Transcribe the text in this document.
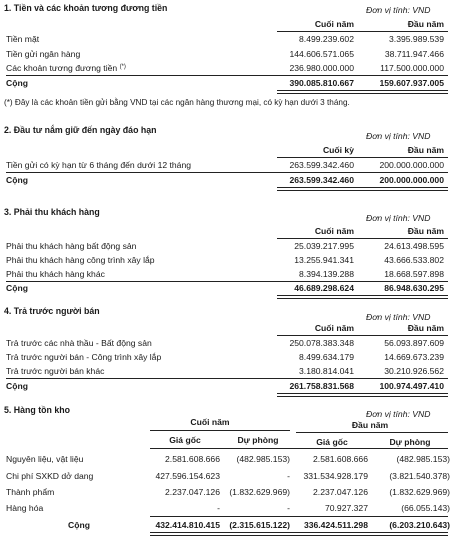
1. Tiền và các khoản tương đương tiền	Đơn vị tính: VND
Cuối năm	Đầu năm
Tiền mặt	8.499.239.602	3.395.989.539
Tiền gửi ngân hàng	144.606.571.065	38.711.947.466
Các khoản tương đương tiền (*)	236.980.000.000	117.500.000.000
Cộng	390.085.810.667	159.607.937.005
(*) Đây là các khoản tiền gửi bằng VND tại các ngân hàng thương mại, có kỳ hạn dưới 3 tháng.
2. Đầu tư nắm giữ đến ngày đáo hạn
Đơn vị tính: VND
Cuối kỳ	Đầu năm
Tiền gửi có kỳ hạn từ 6 tháng đến dưới 12 tháng	263.599.342.460	200.000.000.000
Cộng	263.599.342.460	200.000.000.000
3. Phải thu khách hàng
Đơn vị tính: VND
Cuối năm	Đầu năm
Phải thu khách hàng bất động sản	25.039.217.995	24.613.498.595
Phải thu khách hàng công trình xây lắp	13.255.941.341	43.666.533.802
Phải thu khách hàng khác	8.394.139.288	18.668.597.898
Cộng	46.689.298.624	86.948.630.295
4. Trả trước người bán
Đơn vị tính: VND
Cuối năm	Đầu năm
Trả trước các nhà thầu - Bất động sản	250.078.383.348	56.093.897.609
Trả trước người bán - Công trình xây lắp	8.499.634.179	14.669.673.239
Trả trước người bán khác	3.180.814.041	30.210.926.562
Cộng	261.758.831.568	100.974.497.410
5. Hàng tồn kho	Đơn vị tính: VND
Cuối năm	Đầu năm
Giá gốc	Dự phòng	Giá gốc	Dự phòng
Nguyên liệu, vật liệu	2.581.608.666	(482.985.153)	2.581.608.666	(482.985.153)
Chi phí SXKD dở dang	427.596.154.623	-	331.534.928.179	(3.821.540.378)
Thành phẩm	2.237.047.126	(1.832.629.969)	2.237.047.126	(1.832.629.969)
Hàng hóa	-	-	70.927.327	(66.055.143)
Cộng	432.414.810.415	(2.315.615.122)	336.424.511.298	(6.203.210.643)
